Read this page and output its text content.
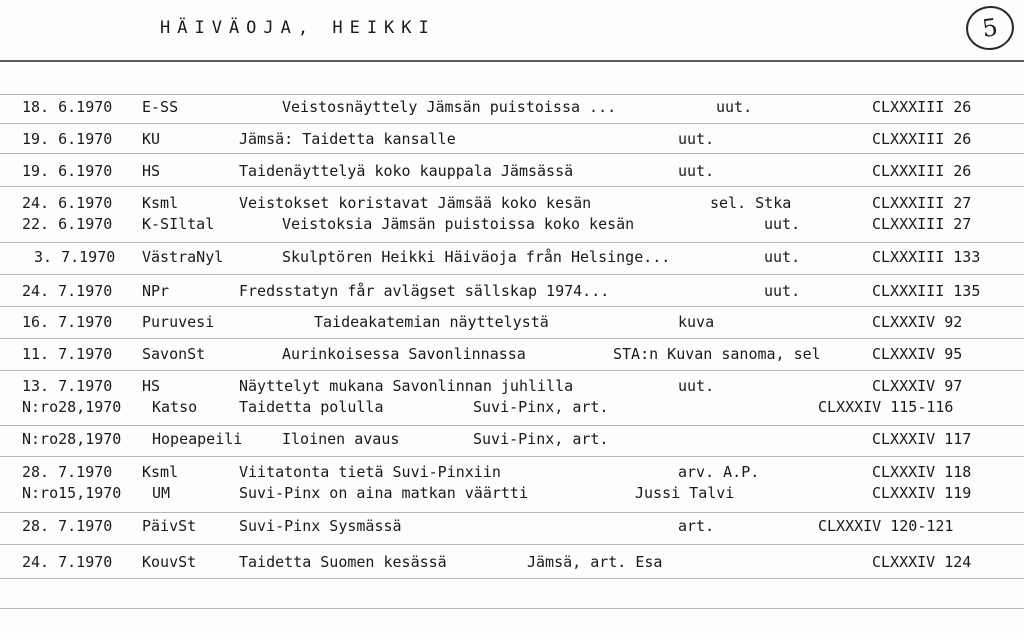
HÄIVÄOJA, HEIKKI	5
18. 6.1970 E-SS	Veistosnäyttely Jämsän puistoissa ...	uut.	CLXXXIII 26
19. 6.1970 KU	Jämsä: Taidetta kansalle	uut.	CLXXXIII 26
19. 6.1970 HS	Taidenäyttelyä koko kauppala Jämsässä	uut.	CLXXXIII 26
24. 6.1970 Ksml	Veistokset koristavat Jämsää koko kesän	sel. Stka	CLXXXIII 27
22. 6.1970 K-SIltal	Veistoksia Jämsän puistoissa koko kesän	uut.	CLXXXIII 27
3. 7.1970 VästraNyl	Skulptören Heikki Häiväoja från Helsinge...	uut.	CLXXXIII 133
24. 7.1970 NPr	Fredsstatyn får avlägset sällskap 1974...	uut.	CLXXXIII 135
16. 7.1970 Puruvesi	Taideakatemian näyttelystä	kuva	CLXXXIV 92
11. 7.1970 SavonSt	Aurinkoisessa Savonlinnassa	STA:n Kuvan sanoma, sel	CLXXXIV 95
13. 7.1970 HS	Näyttelyt mukana Savonlinnan juhlilla	uut.	CLXXXIV 97
N:ro28,1970 Katso	Taidetta polulla	Suvi-Pinx, art.	CLXXXIV 115-116
N:ro28,1970 Hopeapeili	Iloinen avaus	Suvi-Pinx, art.	CLXXXIV 117
28. 7.1970 Ksml	Viitatonta tietä Suvi-Pinxiin	arv. A.P.	CLXXXIV 118
N:ro15,1970 UM	Suvi-Pinx on aina matkan väärtti	Jussi Talvi	CLXXXIV 119
28. 7.1970 PäivSt	Suvi-Pinx Sysmässä	art.	CLXXXIV 120-121
24. 7.1970 KouvSt	Taidetta Suomen kesässä	Jämsä, art. Esa	CLXXXIV 124
